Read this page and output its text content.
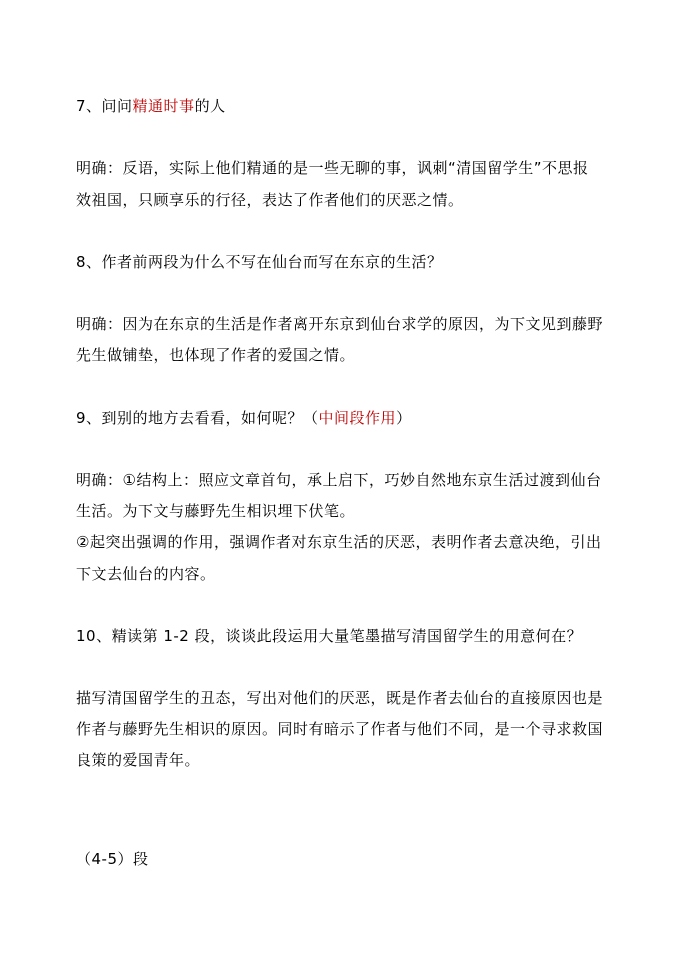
7、问问精通时事的人
明确：反语，实际上他们精通的是一些无聊的事，讽刺“清国留学生”不思报
效祖国，只顾享乐的行径，表达了作者他们的厌恶之情。
8、作者前两段为什么不写在仙台而写在东京的生活？
明确：因为在东京的生活是作者离开东京到仙台求学的原因，为下文见到藤野
先生做铺垫，也体现了作者的爱国之情。
9、到别的地方去看看，如何呢？（中间段作用）
明确：①结构上：照应文章首句，承上启下，巧妙自然地东京生活过渡到仙台
生活。为下文与藤野先生相识埋下伏笔。
②起突出强调的作用，强调作者对东京生活的厌恶，表明作者去意决绝，引出
下文去仙台的内容。
10、精读第 1-2 段，谈谈此段运用大量笔墨描写清国留学生的用意何在？
描写清国留学生的丑态，写出对他们的厌恶，既是作者去仙台的直接原因也是
作者与藤野先生相识的原因。同时有暗示了作者与他们不同，是一个寻求救国
良策的爱国青年。
（4-5）段
